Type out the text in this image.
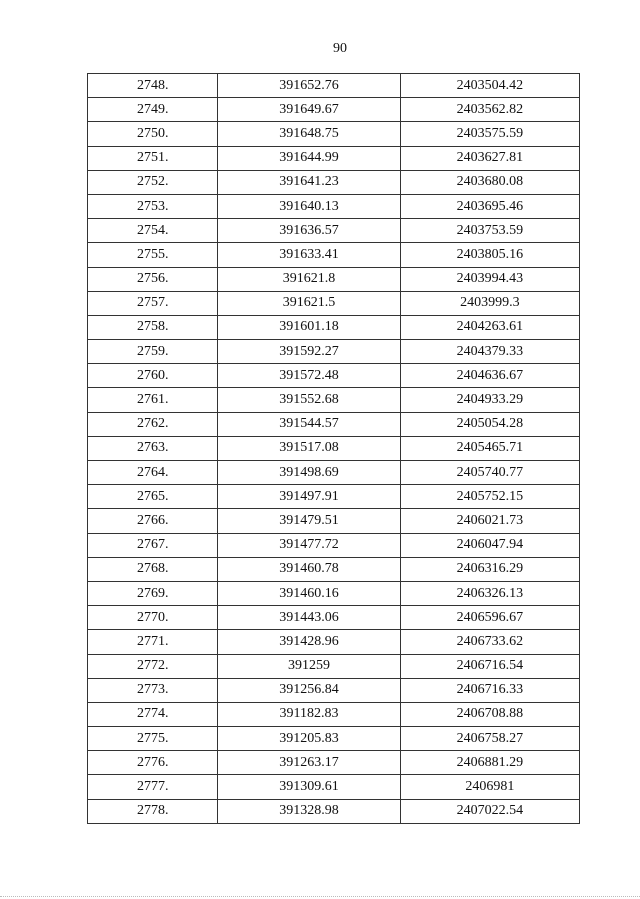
90
2748.	391652.76	2403504.42
2749.	391649.67	2403562.82
2750.	391648.75	2403575.59
2751.	391644.99	2403627.81
2752.	391641.23	2403680.08
2753.	391640.13	2403695.46
2754.	391636.57	2403753.59
2755.	391633.41	2403805.16
2756.	391621.8	2403994.43
2757.	391621.5	2403999.3
2758.	391601.18	2404263.61
2759.	391592.27	2404379.33
2760.	391572.48	2404636.67
2761.	391552.68	2404933.29
2762.	391544.57	2405054.28
2763.	391517.08	2405465.71
2764.	391498.69	2405740.77
2765.	391497.91	2405752.15
2766.	391479.51	2406021.73
2767.	391477.72	2406047.94
2768.	391460.78	2406316.29
2769.	391460.16	2406326.13
2770.	391443.06	2406596.67
2771.	391428.96	2406733.62
2772.	391259	2406716.54
2773.	391256.84	2406716.33
2774.	391182.83	2406708.88
2775.	391205.83	2406758.27
2776.	391263.17	2406881.29
2777.	391309.61	2406981
2778.	391328.98	2407022.54
